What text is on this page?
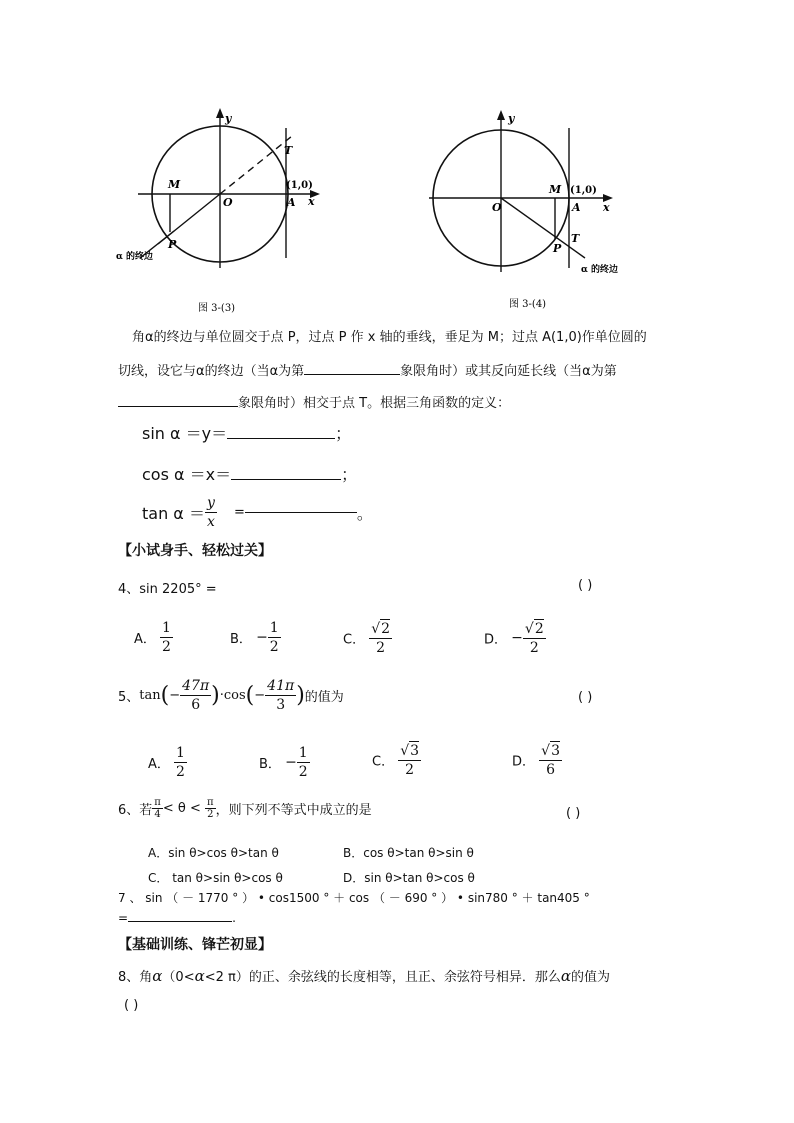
y
x
T
M
O	A
(1,0)
P
α 的终边
图 3-(3)
y
x
T
M
O	A
(1,0)
P
α 的终边
图 3-(4)
角α的终边与单位圆交于点 P，过点 P 作 x 轴的垂线，垂足为 M；过点 A(1,0)作单位圆的
切线，设它与α的终边（当α为第	象限角时）或其反向延长线（当α为第
象限角时）相交于点 T。根据三角函数的定义：
sin α ＝y＝	；
cos α ＝x＝	；
$\tan \alpha = \frac{y}{x}$ =	。
【小试身手、轻松过关】
4、sin 2205° =	( )
A． $\frac{1}{2}$	B． − $\frac{1}{2}$	C． $\frac{√2}{2}$	D． − $\frac{√2}{2}$
5、$\tan(- \frac{47\pi}{6} )\cdot\cos(- \frac{41\pi}{3}$ )的值为	( )
A． $\frac{1}{2}$	B． − $\frac{1}{2}$	C． $\frac{√3}{2}$	D． $\frac{√3}{6}$
6、若 $\frac{\pi}{4} < \theta < \frac{\pi}{2}$ ，则下列不等式中成立的是	( )
A．sin θ>cos θ>tan θ	B．cos θ>tan θ>sin θ
C． tan θ>sin θ>cos θ	D．sin θ>tan θ>cos θ
7 、 sin （ － 1770 ° ） • cos1500 ° ＋ cos （ － 690 ° ） • sin780 ° ＋ tan405 °
=	.
【基础训练、锋芒初显】
8、角α（0<α<2 π）的正、余弦线的长度相等，且正、余弦符号相异．那么α的值为
( )
